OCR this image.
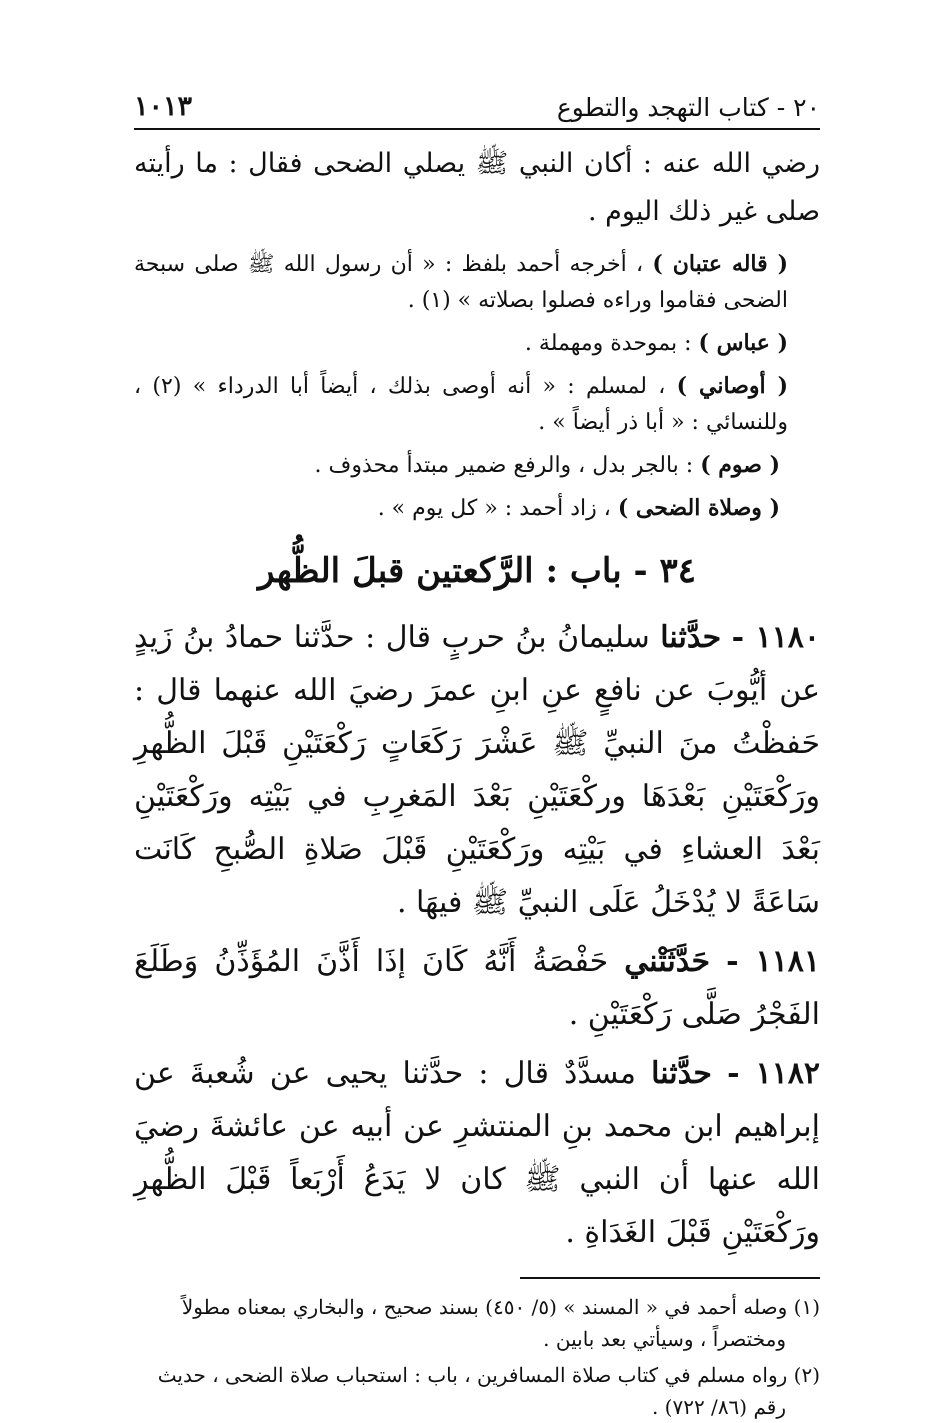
٢٠ - كتاب التهجد والتطوع
١٠١٣

رضي الله عنه : أكان النبي ﷺ يصلي الضحى فقال : ما رأيته صلى غير ذلك اليوم .

( قاله عتبان ) ، أخرجه أحمد بلفظ : « أن رسول الله ﷺ صلى سبحة الضحى فقاموا وراءه فصلوا بصلاته » (١) .

( عباس ) : بموحدة ومهملة .

( أوصاني ) ، لمسلم : « أنه أوصى بذلك ، أيضاً أبا الدرداء » (٢) ، وللنسائي : « أبا ذر أيضاً » .

( صوم ) : بالجر بدل ، والرفع ضمير مبتدأ محذوف .

( وصلاة الضحى ) ، زاد أحمد : « كل يوم » .

٣٤ - باب : الرَّكعتين قبلَ الظُّهر

١١٨٠ - حدَّثنا سليمانُ بنُ حربٍ قال : حدَّثنا حمادُ بنُ زَيدٍ عن أيُّوبَ عن نافعٍ عنِ ابنِ عمرَ رضيَ الله عنهما قال : حَفظْتُ منَ النبيِّ ﷺ عَشْرَ رَكَعَاتٍ رَكْعَتَيْنِ قَبْلَ الظُّهرِ ورَكْعَتَيْنِ بَعْدَهَا وركْعَتَيْنِ بَعْدَ المَغرِبِ في بَيْتِه ورَكْعَتَيْنِ بَعْدَ العشاءِ في بَيْتِه ورَكْعَتَيْنِ قَبْلَ صَلاةِ الصُّبحِ كَانَت سَاعَةً لا يُدْخَلُ عَلَى النبيِّ ﷺ فيهَا .

١١٨١ - حَدَّثَتْني حَفْصَةُ أَنَّهُ كَانَ إذَا أَذَّنَ المُؤَذِّنُ وَطَلَعَ الفَجْرُ صَلَّى رَكْعَتَيْنِ .

١١٨٢ - حدَّثنا مسدَّدٌ قال : حدَّثنا يحيى عن شُعبةَ عن إبراهيم ابن محمد بنِ المنتشرِ عن أبيه عن عائشةَ رضيَ الله عنها أن النبي ﷺ كان لا يَدَعُ أَرْبَعاً قَبْلَ الظُّهرِ ورَكْعَتَيْنِ قَبْلَ الغَدَاةِ .

(١) وصله أحمد في « المسند » (٥/ ٤٥٠) بسند صحيح ، والبخاري بمعناه مطولاً
ومختصراً ، وسيأتي بعد بابين .

(٢) رواه مسلم في كتاب صلاة المسافرين ، باب : استحباب صلاة الضحى ، حديث
رقم (٨٦/ ٧٢٢) .
